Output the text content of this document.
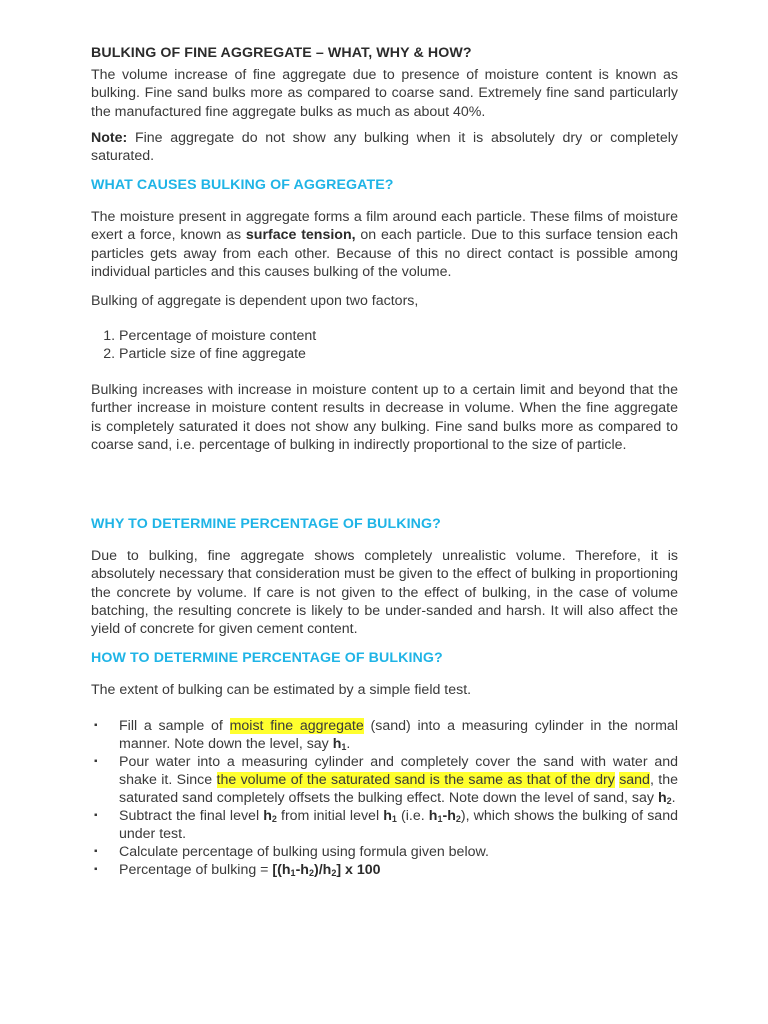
BULKING OF FINE AGGREGATE – WHAT, WHY & HOW?

The volume increase of fine aggregate due to presence of moisture content is known as bulking. Fine sand bulks more as compared to coarse sand. Extremely fine sand particularly the manufactured fine aggregate bulks as much as about 40%.

Note: Fine aggregate do not show any bulking when it is absolutely dry or completely saturated.

WHAT CAUSES BULKING OF AGGREGATE?

The moisture present in aggregate forms a film around each particle. These films of moisture exert a force, known as surface tension, on each particle. Due to this surface tension each particles gets away from each other. Because of this no direct contact is possible among individual particles and this causes bulking of the volume.

Bulking of aggregate is dependent upon two factors,

1. Percentage of moisture content
2. Particle size of fine aggregate

Bulking increases with increase in moisture content up to a certain limit and beyond that the further increase in moisture content results in decrease in volume. When the fine aggregate is completely saturated it does not show any bulking. Fine sand bulks more as compared to coarse sand, i.e. percentage of bulking in indirectly proportional to the size of particle.

WHY TO DETERMINE PERCENTAGE OF BULKING?

Due to bulking, fine aggregate shows completely unrealistic volume. Therefore, it is absolutely necessary that consideration must be given to the effect of bulking in proportioning the concrete by volume. If care is not given to the effect of bulking, in the case of volume batching, the resulting concrete is likely to be under-sanded and harsh. It will also affect the yield of concrete for given cement content.

HOW TO DETERMINE PERCENTAGE OF BULKING?

The extent of bulking can be estimated by a simple field test.

▪ Fill a sample of moist fine aggregate (sand) into a measuring cylinder in the normal manner. Note down the level, say $h_1$.
▪ Pour water into a measuring cylinder and completely cover the sand with water and shake it. Since the volume of the saturated sand is the same as that of the dry sand, the saturated sand completely offsets the bulking effect. Note down the level of sand, say $h_2$.
▪ Subtract the final level $h_2$ from initial level $h_1$ (i.e. $h_1-h_2$), which shows the bulking of sand under test.
▪ Calculate percentage of bulking using formula given below.
▪ Percentage of bulking = $[(h_1-h_2)/h_2]$ x 100
